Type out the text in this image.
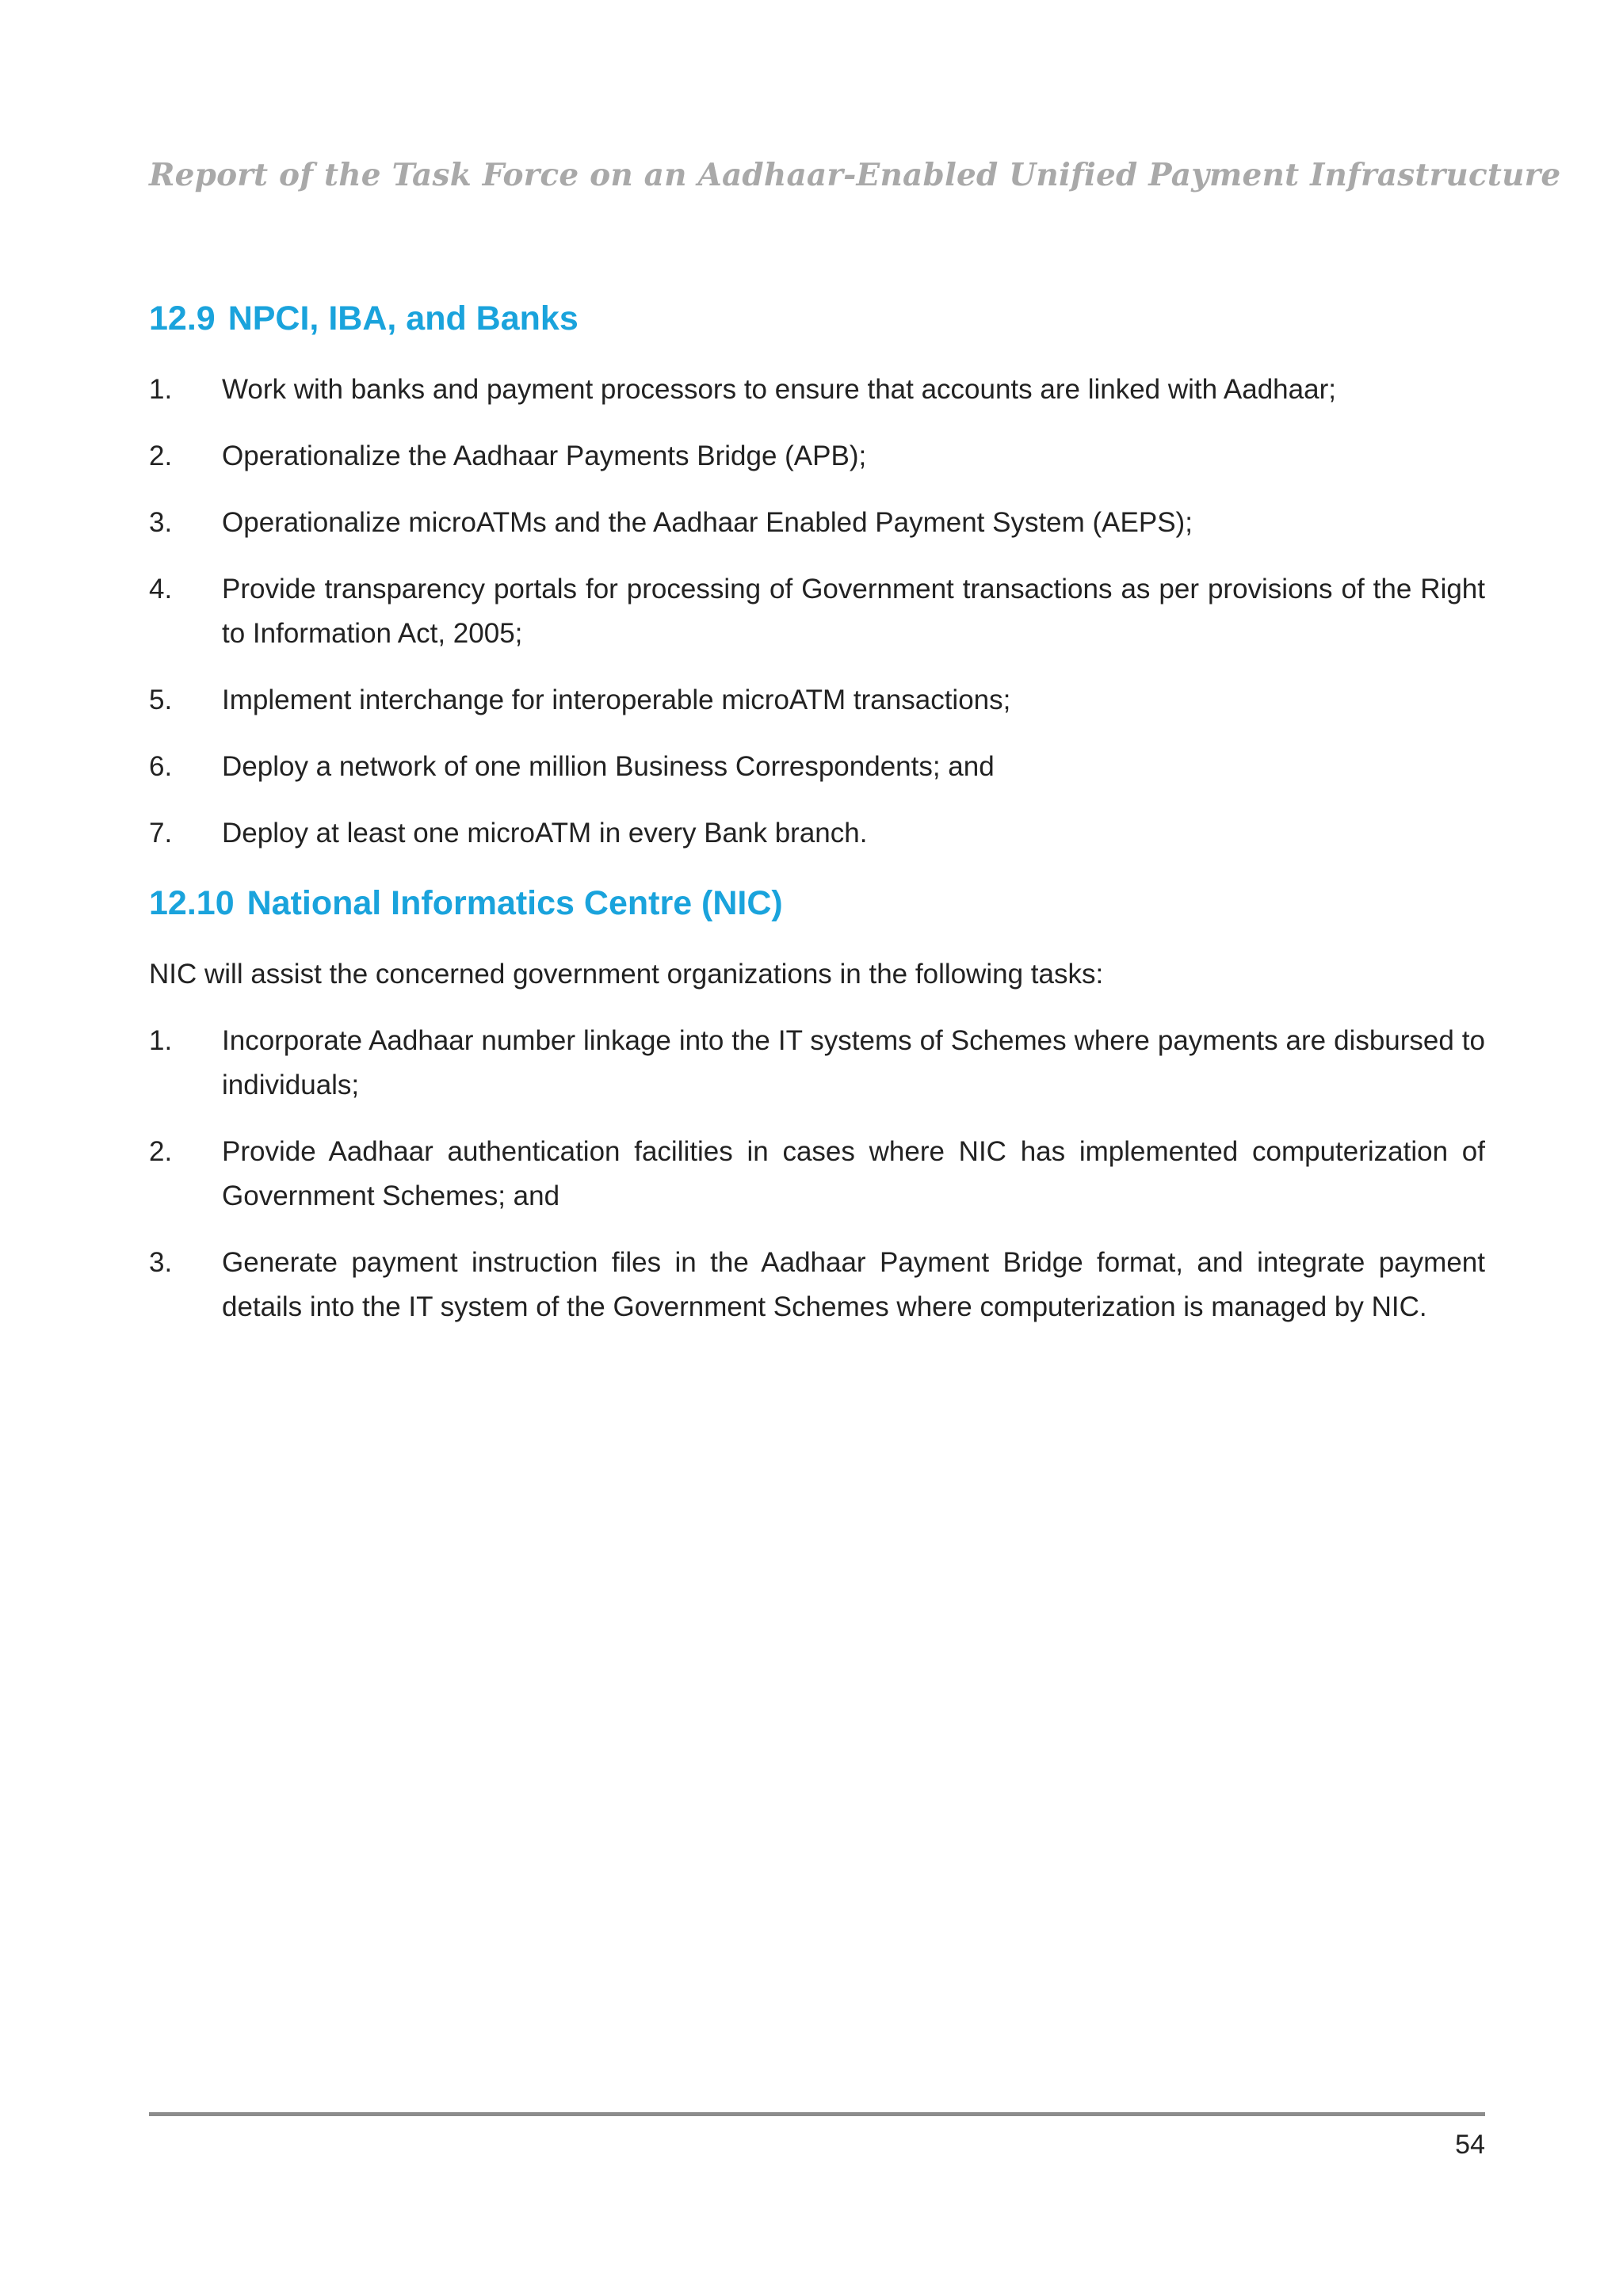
Report of the Task Force on an Aadhaar-Enabled Unified Payment Infrastructure
12.9 NPCI, IBA, and Banks
1.	Work with banks and payment processors to ensure that accounts are linked with Aadhaar;
2.	Operationalize the Aadhaar Payments Bridge (APB);
3.	Operationalize microATMs and the Aadhaar Enabled Payment System (AEPS);
4.	Provide transparency portals for processing of Government transactions as per provisions of the Right to Information Act, 2005;
5.	Implement interchange for interoperable microATM transactions;
6.	Deploy a network of one million Business Correspondents; and
7.	Deploy at least one microATM in every Bank branch.
12.10 National Informatics Centre (NIC)

NIC will assist the concerned government organizations in the following tasks:

1.	Incorporate Aadhaar number linkage into the IT systems of Schemes where payments are disbursed to individuals;
2.	Provide Aadhaar authentication facilities in cases where NIC has implemented computerization of Government Schemes; and
3.	Generate payment instruction files in the Aadhaar Payment Bridge format, and integrate payment details into the IT system of the Government Schemes where computerization is managed by NIC.
54
